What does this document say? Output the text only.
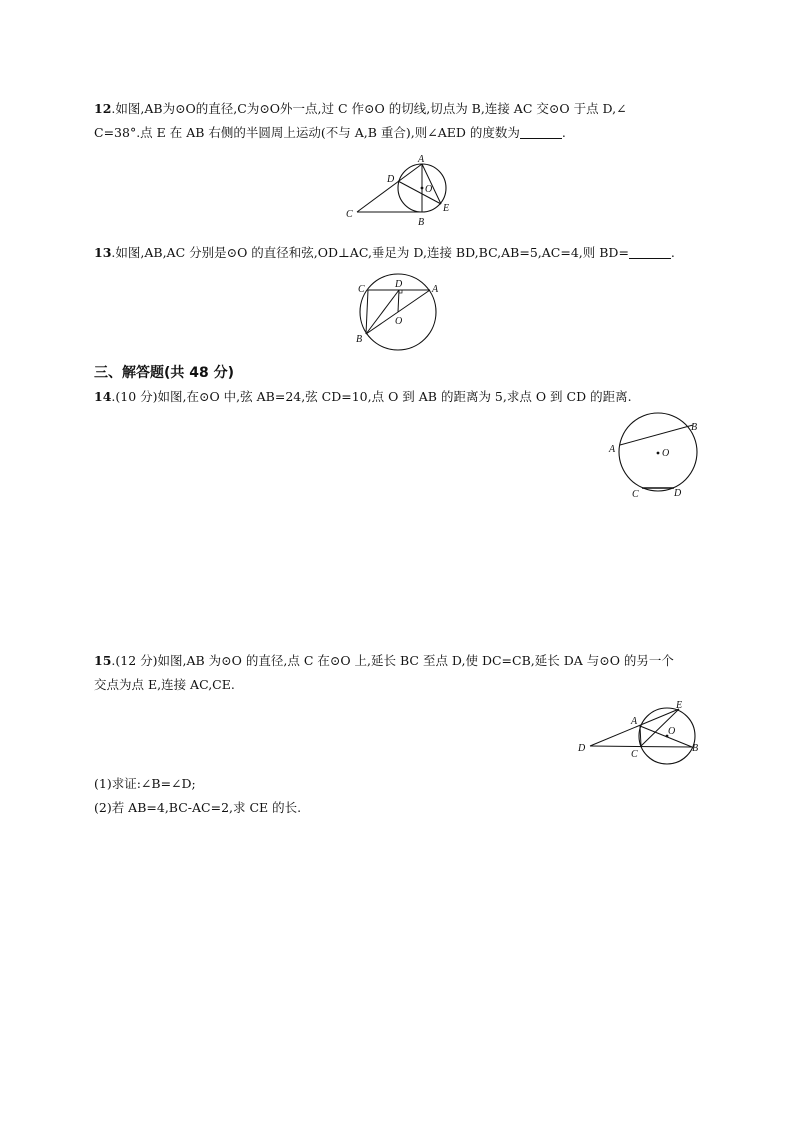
12.如图,AB为⊙O的直径,C为⊙O外一点,过 C 作⊙O 的切线,切点为 B,连接 AC 交⊙O 于点 D,∠
C=38°.点 E 在 AB 右侧的半圆周上运动(不与 A,B 重合),则∠AED 的度数为	.
A
B
C
D
E
O
13.如图,AB,AC 分别是⊙O 的直径和弦,OD⊥AC,垂足为 D,连接 BD,BC,AB=5,AC=4,则 BD=	.
C	D	A
O
B
三、解答题(共 48 分)
14.(10 分)如图,在⊙O 中,弦 AB=24,弦 CD=10,点 O 到 AB 的距离为 5,求点 O 到 CD 的距离.
A
B
O
C	D
15.(12 分)如图,AB 为⊙O 的直径,点 C 在⊙O 上,延长 BC 至点 D,使 DC=CB,延长 DA 与⊙O 的另一个
交点为点 E,连接 AC,CE.
D
A
E
O
C
B
(1)求证:∠B=∠D;
(2)若 AB=4,BC-AC=2,求 CE 的长.
